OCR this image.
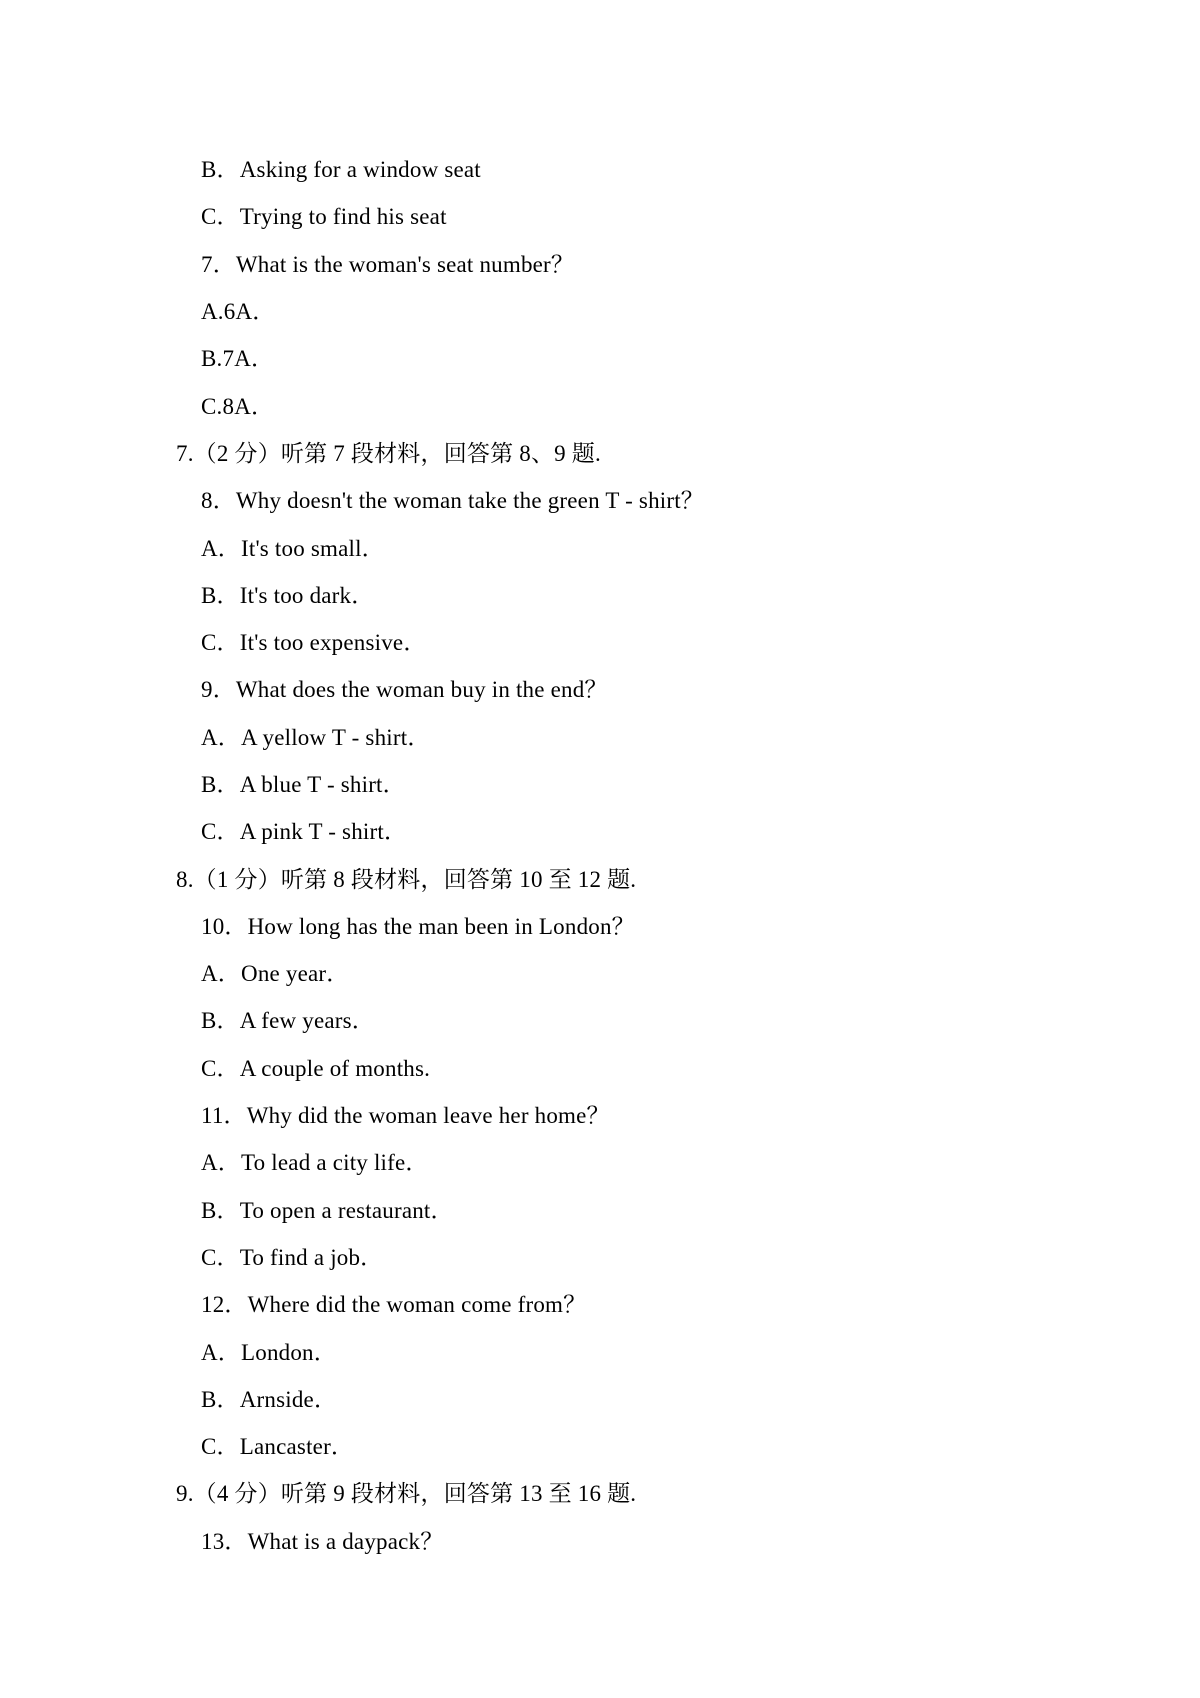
B．Asking for a window seat
C．Trying to find his seat
7．What is the woman's seat number？
A.6A．
B.7A．
C.8A．
7.（2 分）听第 7 段材料，回答第 8、9 题.
8．Why doesn't the woman take the green T - shirt？
A．It's too small．
B．It's too dark．
C．It's too expensive．
9．What does the woman buy in the end？
A．A yellow T - shirt．
B．A blue T - shirt．
C．A pink T - shirt．
8.（1 分）听第 8 段材料，回答第 10 至 12 题.
10．How long has the man been in London？
A．One year．
B．A few years．
C．A couple of months.
11．Why did the woman leave her home？
A．To lead a city life．
B．To open a restaurant．
C．To find a job．
12．Where did the woman come from？
A．London．
B．Arnside．
C．Lancaster．
9.（4 分）听第 9 段材料，回答第 13 至 16 题.
13．What is a daypack？
